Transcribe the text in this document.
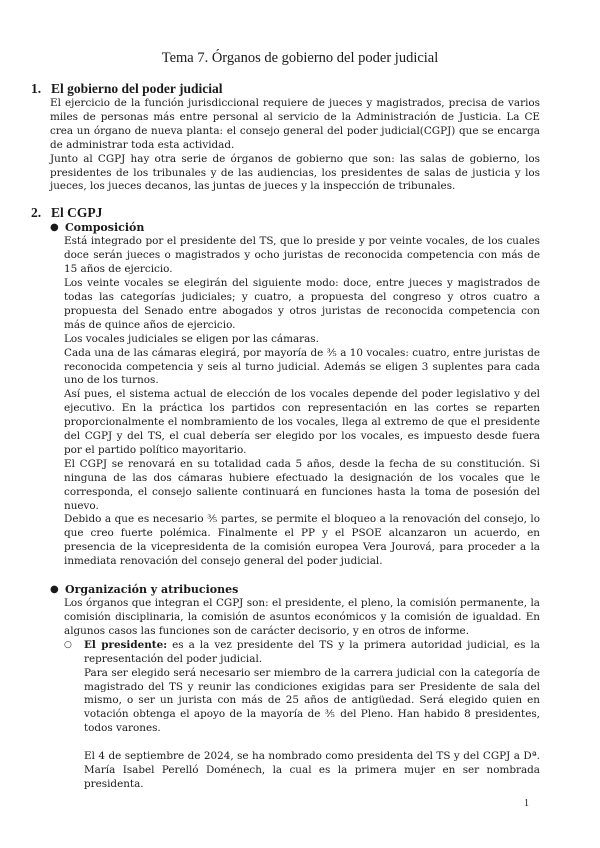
Tema 7. Órganos de gobierno del poder judicial
1. El gobierno del poder judicial

El ejercicio de la función jurisdiccional requiere de jueces y magistrados, precisa de varios miles de personas más entre personal al servicio de la Administración de Justicia. La CE crea un órgano de nueva planta: el consejo general del poder judicial(CGPJ) que se encarga de administrar toda esta actividad.

Junto al CGPJ hay otra serie de órganos de gobierno que son: las salas de gobierno, los presidentes de los tribunales y de las audiencias, los presidentes de salas de justicia y los jueces, los jueces decanos, las juntas de jueces y la inspección de tribunales.

2. El CGPJ
● Composición

Está integrado por el presidente del TS, que lo preside y por veinte vocales, de los cuales doce serán jueces o magistrados y ocho juristas de reconocida competencia con más de 15 años de ejercicio.

Los veinte vocales se elegirán del siguiente modo: doce, entre jueces y magistrados de todas las categorías judiciales; y cuatro, a propuesta del congreso y otros cuatro a propuesta del Senado entre abogados y otros juristas de reconocida competencia con más de quince años de ejercicio.

Los vocales judiciales se eligen por las cámaras.

Cada una de las cámaras elegirá, por mayoría de ⅗ a 10 vocales: cuatro, entre juristas de reconocida competencia y seis al turno judicial. Además se eligen 3 suplentes para cada uno de los turnos.

Así pues, el sistema actual de elección de los vocales depende del poder legislativo y del ejecutivo. En la práctica los partidos con representación en las cortes se reparten proporcionalmente el nombramiento de los vocales, llega al extremo de que el presidente del CGPJ y del TS, el cual debería ser elegido por los vocales, es impuesto desde fuera por el partido político mayoritario.

El CGPJ se renovará en su totalidad cada 5 años, desde la fecha de su constitución. Si ninguna de las dos cámaras hubiere efectuado la designación de los vocales que le corresponda, el consejo saliente continuará en funciones hasta la toma de posesión del nuevo.

Debido a que es necesario ⅗ partes, se permite el bloqueo a la renovación del consejo, lo que creo fuerte polémica. Finalmente el PP y el PSOE alcanzaron un acuerdo, en presencia de la vicepresidenta de la comisión europea Vera Jourová, para proceder a la inmediata renovación del consejo general del poder judicial.

● Organización y atribuciones

Los órganos que integran el CGPJ son: el presidente, el pleno, la comisión permanente, la comisión disciplinaria, la comisión de asuntos económicos y la comisión de igualdad. En algunos casos las funciones son de carácter decisorio, y en otros de informe.

○ El presidente: es a la vez presidente del TS y la primera autoridad judicial, es la representación del poder judicial.

Para ser elegido será necesario ser miembro de la carrera judicial con la categoría de magistrado del TS y reunir las condiciones exigidas para ser Presidente de sala del mismo, o ser un jurista con más de 25 años de antigüedad. Será elegido quien en votación obtenga el apoyo de la mayoría de ⅗ del Pleno. Han habido 8 presidentes, todos varones.

El 4 de septiembre de 2024, se ha nombrado como presidenta del TS y del CGPJ a Dª. María Isabel Perelló Doménech, la cual es la primera mujer en ser nombrada presidenta.

1
